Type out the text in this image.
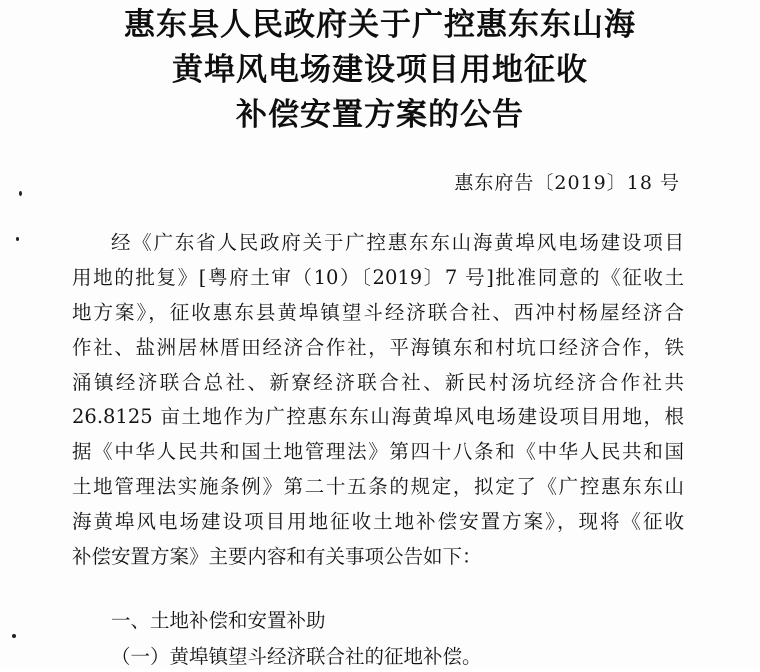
惠东县人民政府关于广控惠东东山海
黄埠风电场建设项目用地征收
补偿安置方案的公告
惠东府告〔2019〕18 号
经《广东省人民政府关于广控惠东东山海黄埠风电场建设项目
用地的批复》[粤府土审（10）〔2019〕7 号]批准同意的《征收土
地方案》，征收惠东县黄埠镇望斗经济联合社、西冲村杨屋经济合
作社、盐洲居林厝田经济合作社，平海镇东和村坑口经济合作，铁
涌镇经济联合总社、新寮经济联合社、新民村汤坑经济合作社共
26.8125 亩土地作为广控惠东东山海黄埠风电场建设项目用地，根
据《中华人民共和国土地管理法》第四十八条和《中华人民共和国
土地管理法实施条例》第二十五条的规定，拟定了《广控惠东东山
海黄埠风电场建设项目用地征收土地补偿安置方案》，现将《征收
补偿安置方案》主要内容和有关事项公告如下：
一、土地补偿和安置补助
（一）黄埠镇望斗经济联合社的征地补偿。
